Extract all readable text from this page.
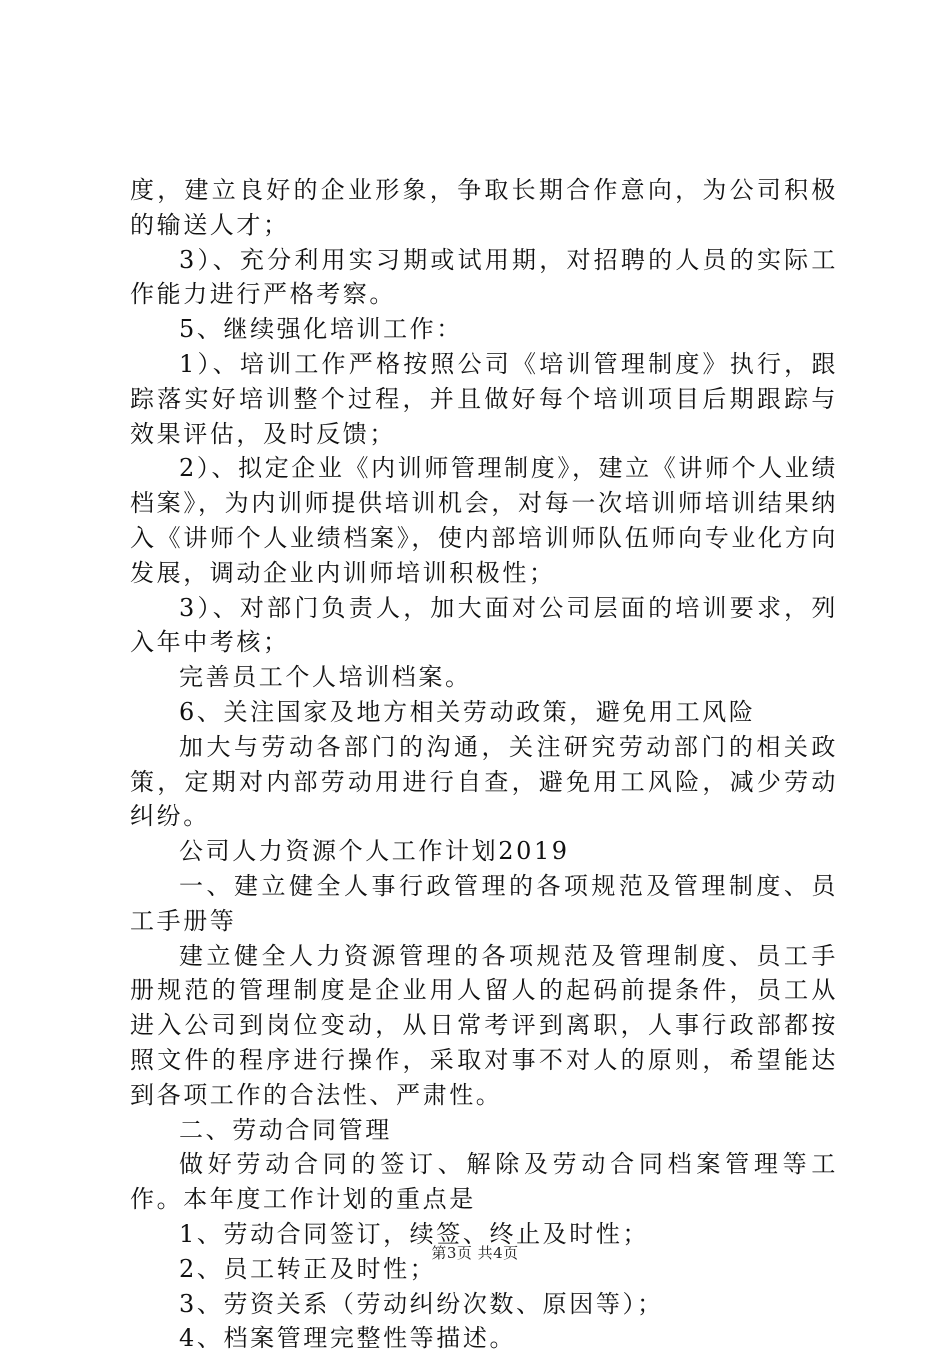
度，建立良好的企业形象，争取长期合作意向，为公司积极的输送人才；

3）、充分利用实习期或试用期，对招聘的人员的实际工作能力进行严格考察。

5、继续强化培训工作：

1）、培训工作严格按照公司《培训管理制度》执行，跟踪落实好培训整个过程，并且做好每个培训项目后期跟踪与效果评估，及时反馈；

2）、拟定企业《内训师管理制度》，建立《讲师个人业绩档案》，为内训师提供培训机会，对每一次培训师培训结果纳入《讲师个人业绩档案》，使内部培训师队伍师向专业化方向发展，调动企业内训师培训积极性；

3）、对部门负责人，加大面对公司层面的培训要求，列入年中考核；

完善员工个人培训档案。

6、关注国家及地方相关劳动政策，避免用工风险

加大与劳动各部门的沟通，关注研究劳动部门的相关政策，定期对内部劳动用进行自查，避免用工风险，减少劳动纠纷。

公司人力资源个人工作计划2019

一、建立健全人事行政管理的各项规范及管理制度、员工手册等

建立健全人力资源管理的各项规范及管理制度、员工手册规范的管理制度是企业用人留人的起码前提条件，员工从进入公司到岗位变动，从日常考评到离职，人事行政部都按照文件的程序进行操作，采取对事不对人的原则，希望能达到各项工作的合法性、严肃性。

二、劳动合同管理

做好劳动合同的签订、解除及劳动合同档案管理等工作。本年度工作计划的重点是

1、劳动合同签订，续签、终止及时性；

2、员工转正及时性；

3、劳资关系（劳动纠纷次数、原因等）；

4、档案管理完整性等描述。

第3页 共4页
